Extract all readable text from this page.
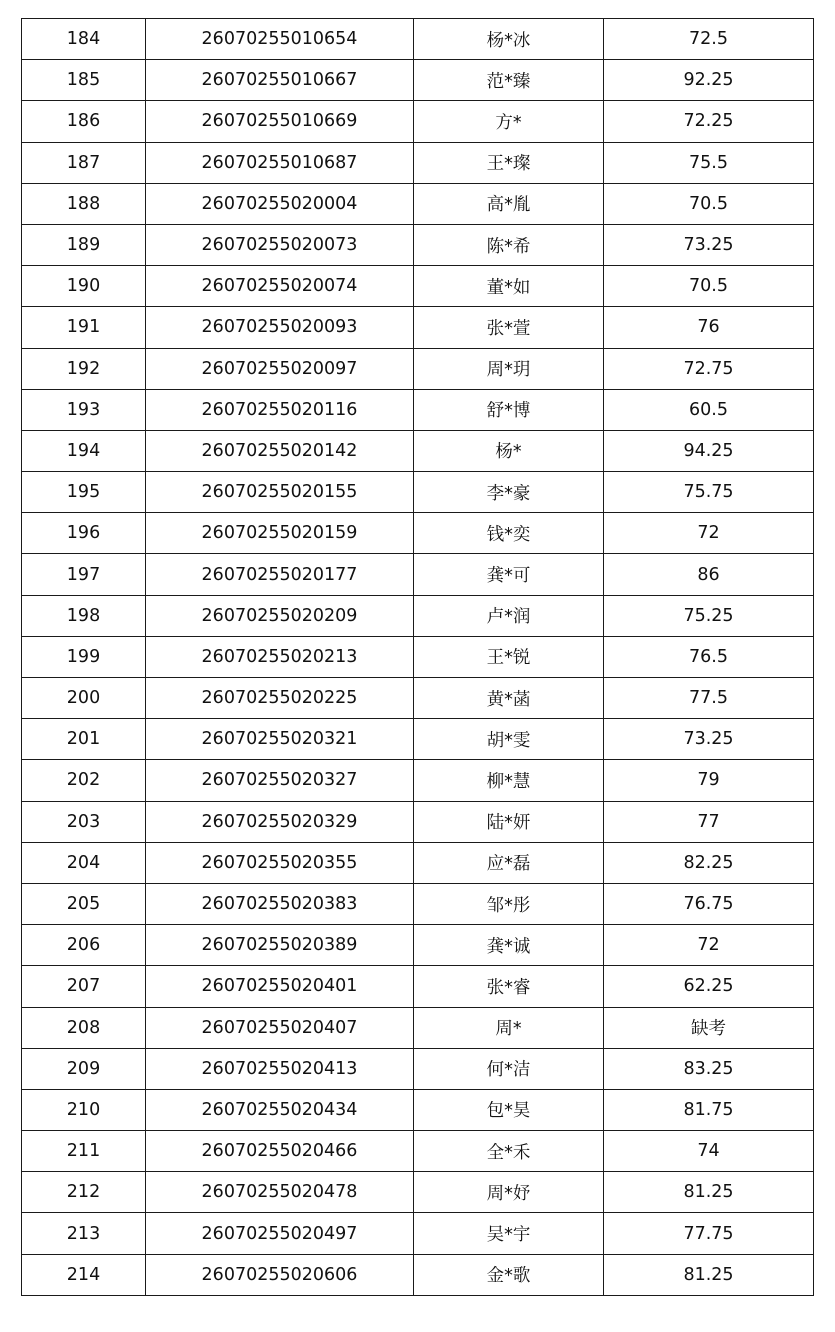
184	26070255010654	杨*冰	72.5
185	26070255010667	范*臻	92.25
186	26070255010669	方*	72.25
187	26070255010687	王*璨	75.5
188	26070255020004	高*胤	70.5
189	26070255020073	陈*希	73.25
190	26070255020074	董*如	70.5
191	26070255020093	张*萱	76
192	26070255020097	周*玥	72.75
193	26070255020116	舒*博	60.5
194	26070255020142	杨*	94.25
195	26070255020155	李*豪	75.75
196	26070255020159	钱*奕	72
197	26070255020177	龚*可	86
198	26070255020209	卢*润	75.25
199	26070255020213	王*锐	76.5
200	26070255020225	黄*菡	77.5
201	26070255020321	胡*雯	73.25
202	26070255020327	柳*慧	79
203	26070255020329	陆*妍	77
204	26070255020355	应*磊	82.25
205	26070255020383	邹*彤	76.75
206	26070255020389	龚*诚	72
207	26070255020401	张*睿	62.25
208	26070255020407	周*	缺考
209	26070255020413	何*洁	83.25
210	26070255020434	包*昊	81.75
211	26070255020466	全*禾	74
212	26070255020478	周*妤	81.25
213	26070255020497	吴*宇	77.75
214	26070255020606	金*歌	81.25
